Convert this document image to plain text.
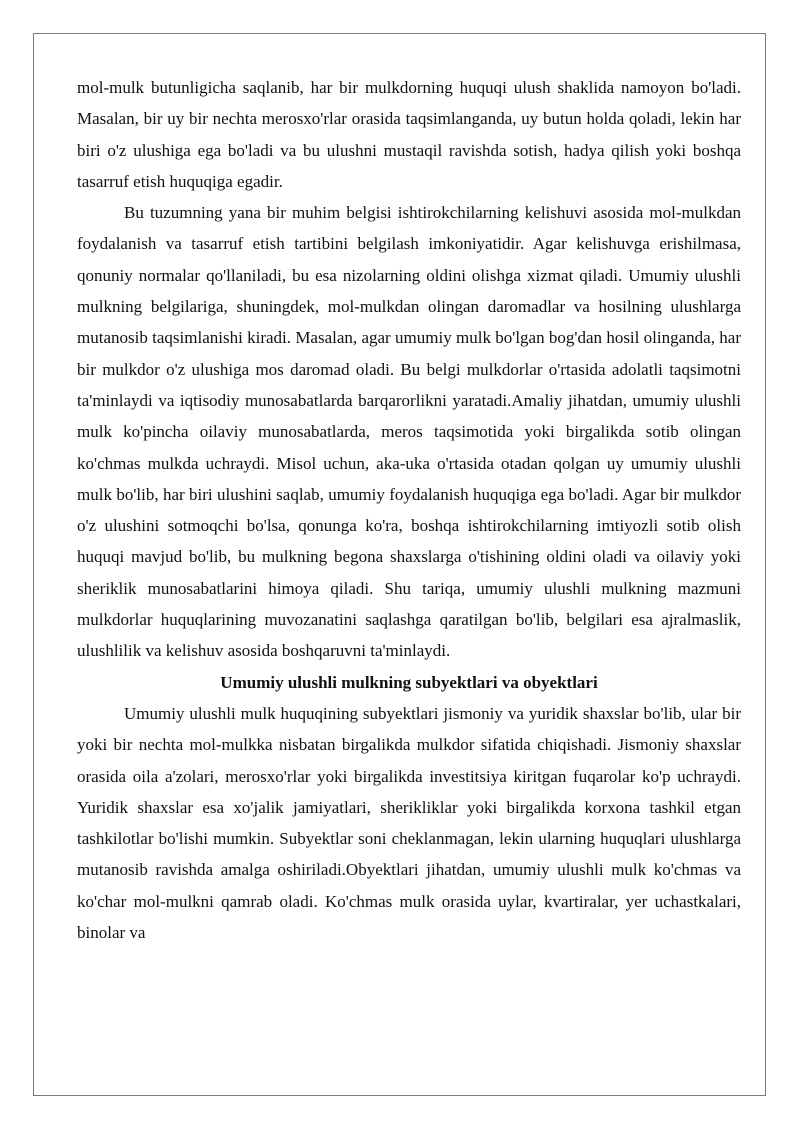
mol-mulk butunligicha saqlanib, har bir mulkdorning huquqi ulush shaklida namoyon bo'ladi. Masalan, bir uy bir nechta merosxo'rlar orasida taqsimlanganda, uy butun holda qoladi, lekin har biri o'z ulushiga ega bo'ladi va bu ulushni mustaqil ravishda sotish, hadya qilish yoki boshqa tasarruf etish huquqiga egadir.

Bu tuzumning yana bir muhim belgisi ishtirokchilarning kelishuvi asosida mol-mulkdan foydalanish va tasarruf etish tartibini belgilash imkoniyatidir. Agar kelishuvga erishilmasa, qonuniy normalar qo'llaniladi, bu esa nizolarning oldini olishga xizmat qiladi. Umumiy ulushli mulkning belgilariga, shuningdek, mol-mulkdan olingan daromadlar va hosilning ulushlarga mutanosib taqsimlanishi kiradi. Masalan, agar umumiy mulk bo'lgan bog'dan hosil olinganda, har bir mulkdor o'z ulushiga mos daromad oladi. Bu belgi mulkdorlar o'rtasida adolatli taqsimotni ta'minlaydi va iqtisodiy munosabatlarda barqarorlikni yaratadi.Amaliy jihatdan, umumiy ulushli mulk ko'pincha oilaviy munosabatlarda, meros taqsimotida yoki birgalikda sotib olingan ko'chmas mulkda uchraydi. Misol uchun, aka-uka o'rtasida otadan qolgan uy umumiy ulushli mulk bo'lib, har biri ulushini saqlab, umumiy foydalanish huquqiga ega bo'ladi. Agar bir mulkdor o'z ulushini sotmoqchi bo'lsa, qonunga ko'ra, boshqa ishtirokchilarning imtiyozli sotib olish huquqi mavjud bo'lib, bu mulkning begona shaxslarga o'tishining oldini oladi va oilaviy yoki sheriklik munosabatlarini himoya qiladi. Shu tariqa, umumiy ulushli mulkning mazmuni mulkdorlar huquqlarining muvozanatini saqlashga qaratilgan bo'lib, belgilari esa ajralmaslik, ulushlilik va kelishuv asosida boshqaruvni ta'minlaydi.

Umumiy ulushli mulkning subyektlari va obyektlari

Umumiy ulushli mulk huquqining subyektlari jismoniy va yuridik shaxslar bo'lib, ular bir yoki bir nechta mol-mulkka nisbatan birgalikda mulkdor sifatida chiqishadi. Jismoniy shaxslar orasida oila a'zolari, merosxo'rlar yoki birgalikda investitsiya kiritgan fuqarolar ko'p uchraydi. Yuridik shaxslar esa xo'jalik jamiyatlari, sherikliklar yoki birgalikda korxona tashkil etgan tashkilotlar bo'lishi mumkin. Subyektlar soni cheklanmagan, lekin ularning huquqlari ulushlarga mutanosib ravishda amalga oshiriladi.Obyektlari jihatdan, umumiy ulushli mulk ko'chmas va ko'char mol-mulkni qamrab oladi. Ko'chmas mulk orasida uylar, kvartiralar, yer uchastkalari, binolar va
